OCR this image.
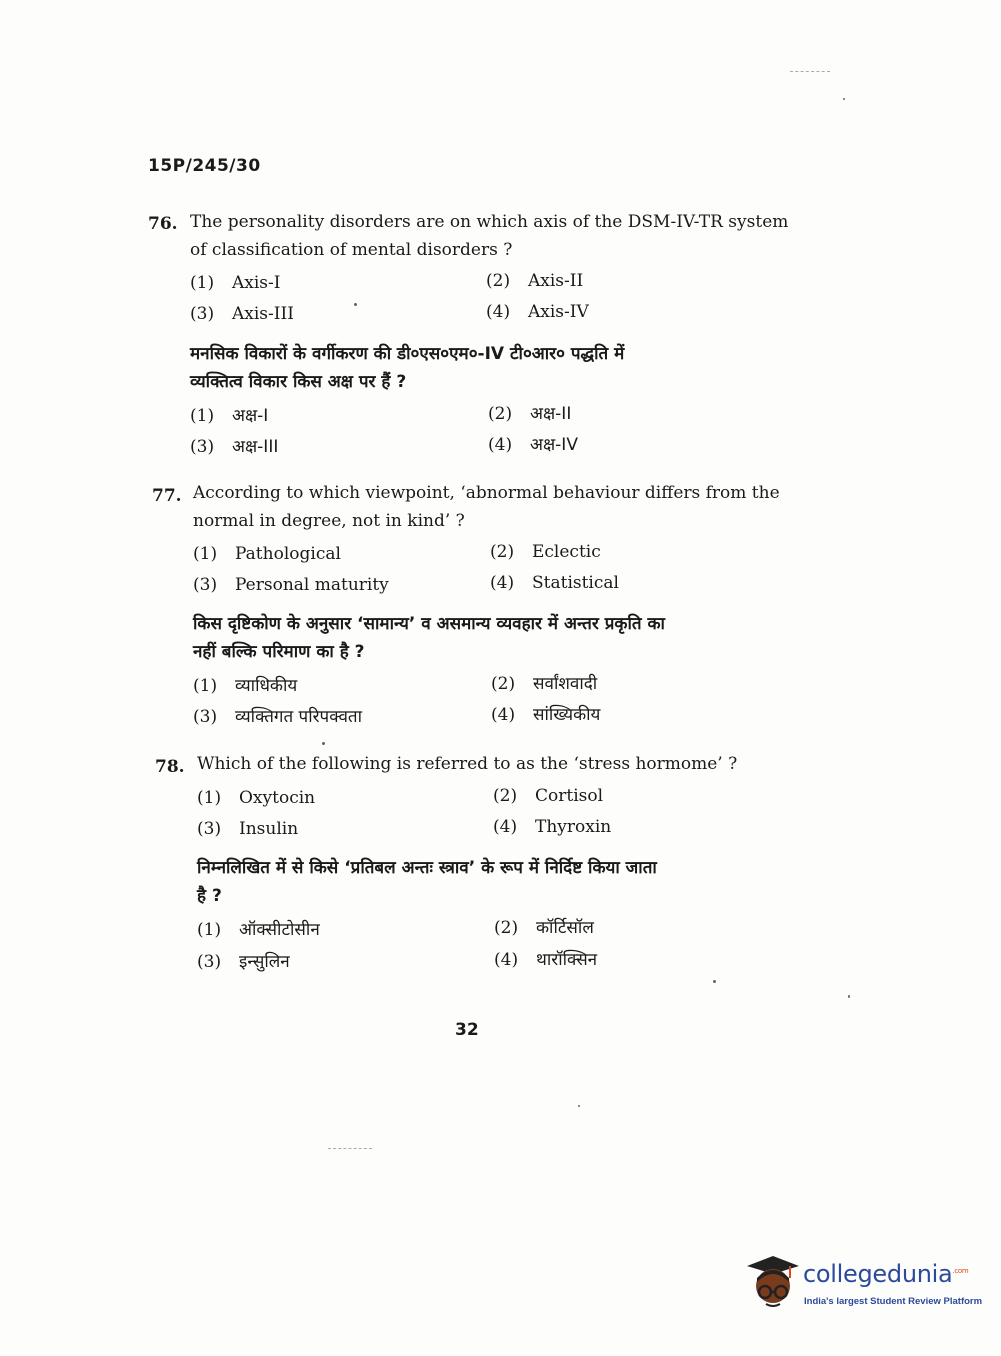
15P/245/30
76. The personality disorders are on which axis of the DSM-IV-TR system
of classification of mental disorders ?
(1) Axis-I	(2) Axis-II
(3) Axis-III	(4) Axis-IV
मनसिक विकारों के वर्गीकरण की डी०एस०एम०-IV टी०आर० पद्धति में
व्यक्तित्व विकार किस अक्ष पर हैं ?
(1) अक्ष-I	(2) अक्ष-II
(3) अक्ष-III	(4) अक्ष-IV
77. According to which viewpoint, ‘abnormal behaviour differs from the
normal in degree, not in kind’ ?
(1) Pathological	(2) Eclectic
(3) Personal maturity	(4) Statistical
किस दृष्टिकोण के अनुसार ‘सामान्य’ व असमान्य व्यवहार में अन्तर प्रकृति का
नहीं बल्कि परिमाण का है ?
(1) व्याधिकीय	(2) सर्वांशवादी
(3) व्यक्तिगत परिपक्वता	(4) सांख्यिकीय
78. Which of the following is referred to as the ‘stress hormome’ ?
(1) Oxytocin	(2) Cortisol
(3) Insulin	(4) Thyroxin
निम्नलिखित में से किसे ‘प्रतिबल अन्तः स्त्राव’ के रूप में निर्दिष्ट किया जाता
है ?
(1) ऑक्सीटोसीन	(2) कॉर्टिसॉल
(3) इन्सुलिन	(4) थारॉक्सिन
32
collegedunia$^{.com}$
India's largest Student Review Platform
